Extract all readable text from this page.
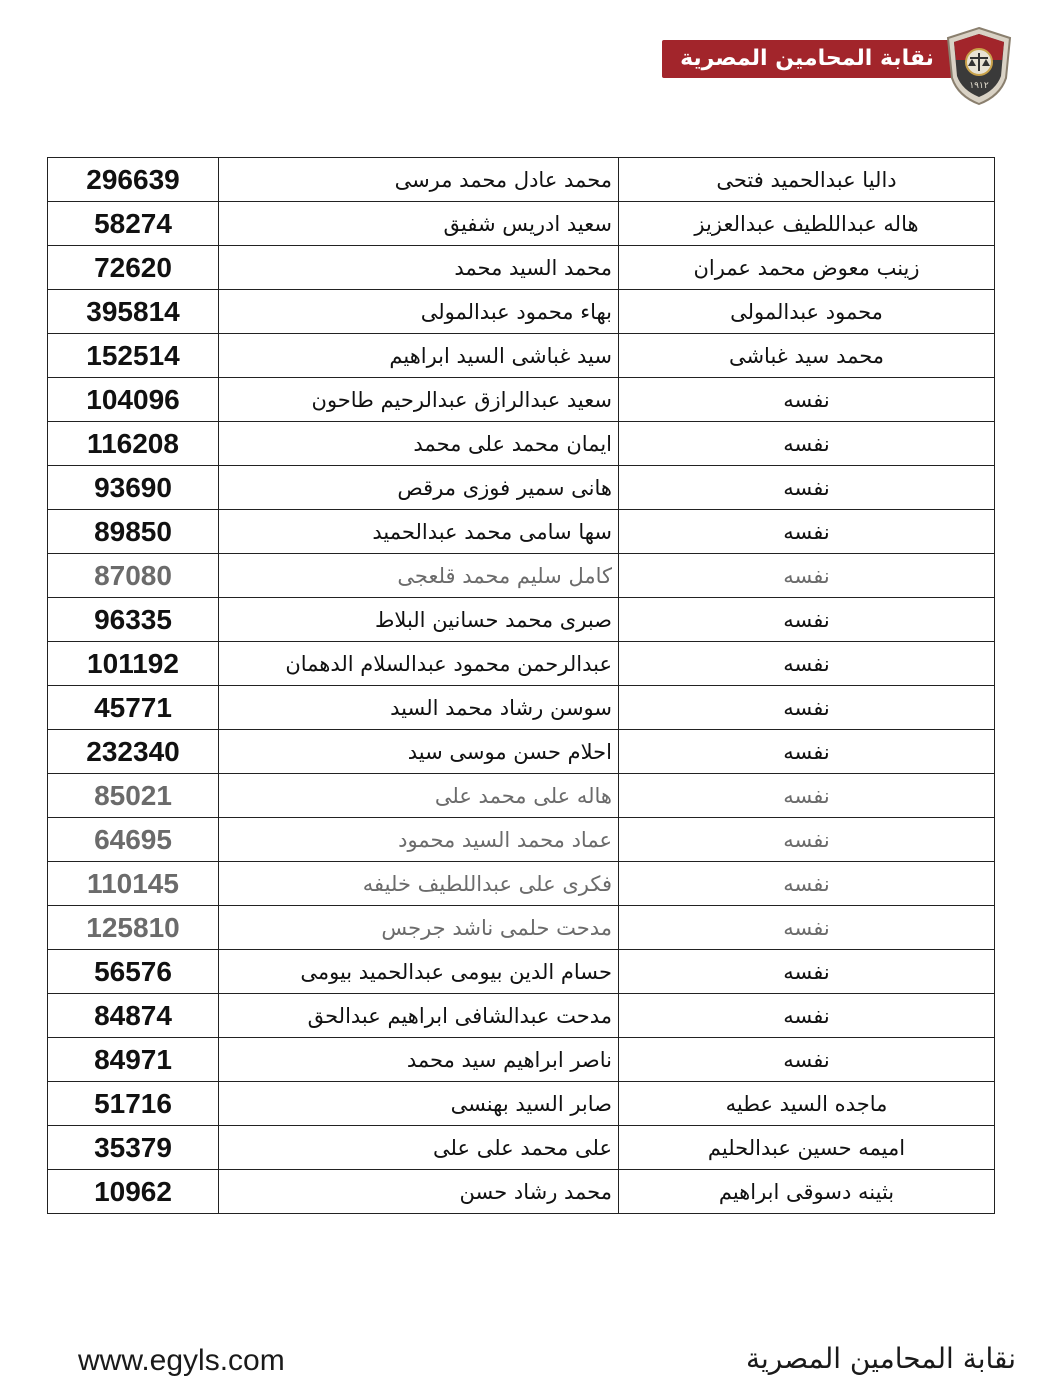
نقابة المحامين المصرية
١٩١٢
296639	محمد عادل محمد مرسى	داليا عبدالحميد فتحى
58274	سعيد ادريس شفيق	هاله عبداللطيف عبدالعزيز
72620	محمد السيد محمد	زينب معوض محمد عمران
395814	بهاء محمود عبدالمولى	محمود عبدالمولى
152514	سيد غباشى السيد ابراهيم	محمد سيد غباشى
104096	سعيد عبدالرازق عبدالرحيم طاحون	نفسه
116208	ايمان محمد على محمد	نفسه
93690	هانى سمير فوزى مرقص	نفسه
89850	سها سامى محمد عبدالحميد	نفسه
87080	كامل سليم محمد قلعجى	نفسه
96335	صبرى محمد حسانين البلاط	نفسه
101192	عبدالرحمن محمود عبدالسلام الدهمان	نفسه
45771	سوسن رشاد محمد السيد	نفسه
232340	احلام حسن موسى سيد	نفسه
85021	هاله على محمد على	نفسه
64695	عماد محمد السيد محمود	نفسه
110145	فكرى على عبداللطيف خليفه	نفسه
125810	مدحت حلمى ناشد جرجس	نفسه
56576	حسام الدين بيومى عبدالحميد بيومى	نفسه
84874	مدحت عبدالشافى ابراهيم عبدالحق	نفسه
84971	ناصر ابراهيم سيد محمد	نفسه
51716	صابر السيد بهنسى	ماجده السيد عطيه
35379	على محمد على على	اميمه حسين عبدالحليم
10962	محمد رشاد حسن	بثينه دسوقى ابراهيم
www.egyls.com	نقابة المحامين المصرية
